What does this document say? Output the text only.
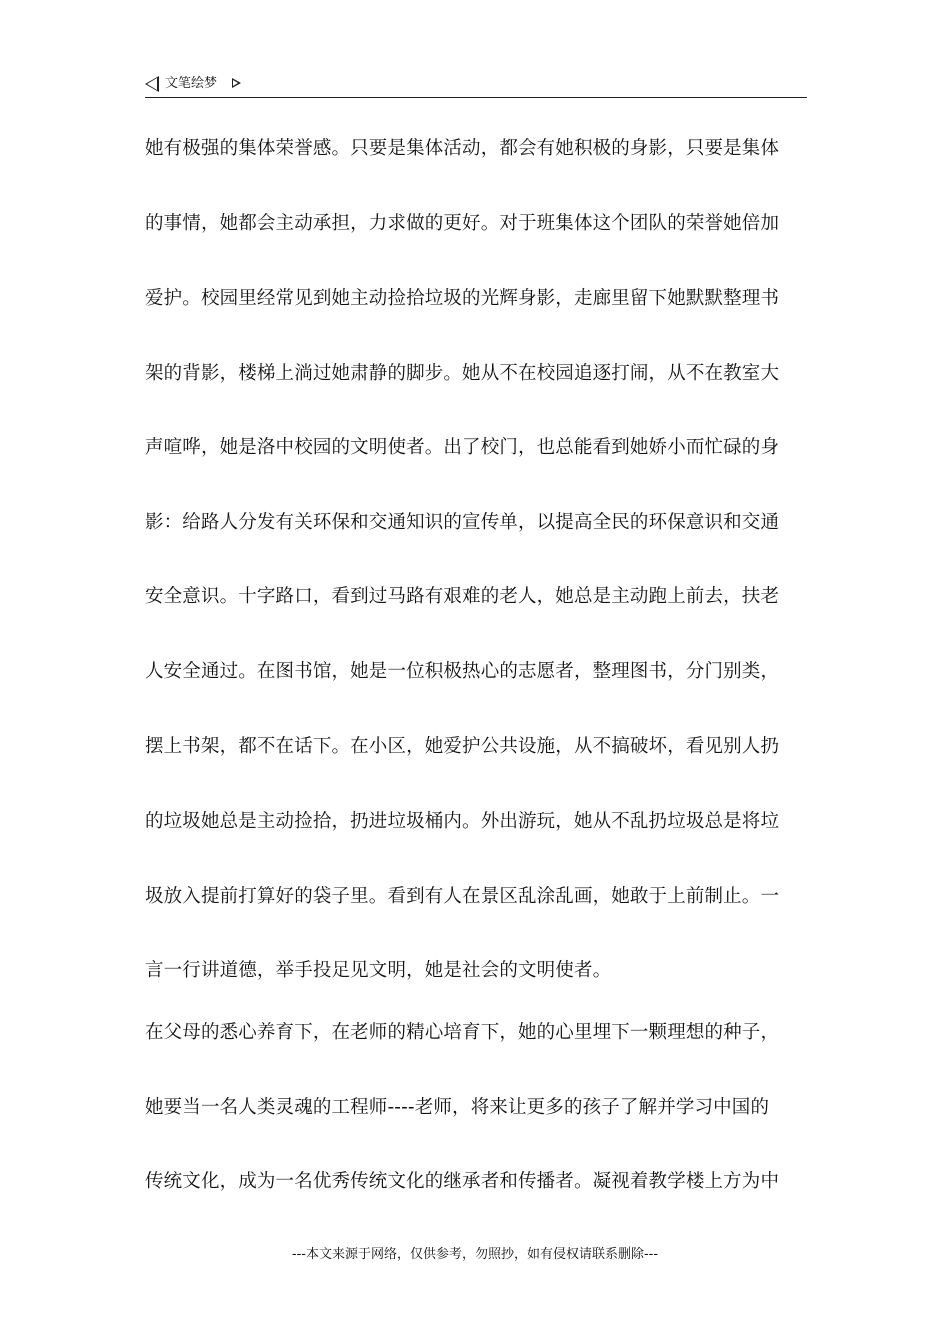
文笔绘梦
她有极强的集体荣誉感。只要是集体活动，都会有她积极的身影，只要是集体
的事情，她都会主动承担，力求做的更好。对于班集体这个团队的荣誉她倍加
爱护。校园里经常见到她主动捡拾垃圾的光辉身影，走廊里留下她默默整理书
架的背影，楼梯上淌过她肃静的脚步。她从不在校园追逐打闹，从不在教室大
声喧哗，她是洛中校园的文明使者。出了校门，也总能看到她娇小而忙碌的身
影：给路人分发有关环保和交通知识的宣传单，以提高全民的环保意识和交通
安全意识。十字路口，看到过马路有艰难的老人，她总是主动跑上前去，扶老
人安全通过。在图书馆，她是一位积极热心的志愿者，整理图书，分门别类，
摆上书架，都不在话下。在小区，她爱护公共设施，从不搞破坏，看见别人扔
的垃圾她总是主动捡拾，扔进垃圾桶内。外出游玩，她从不乱扔垃圾总是将垃
圾放入提前打算好的袋子里。看到有人在景区乱涂乱画，她敢于上前制止。一
言一行讲道德，举手投足见文明，她是社会的文明使者。
在父母的悉心养育下，在老师的精心培育下，她的心里埋下一颗理想的种子，
她要当一名人类灵魂的工程师----老师，将来让更多的孩子了解并学习中国的
传统文化，成为一名优秀传统文化的继承者和传播者。凝视着教学楼上方为中
---本文来源于网络，仅供参考，勿照抄，如有侵权请联系删除---
